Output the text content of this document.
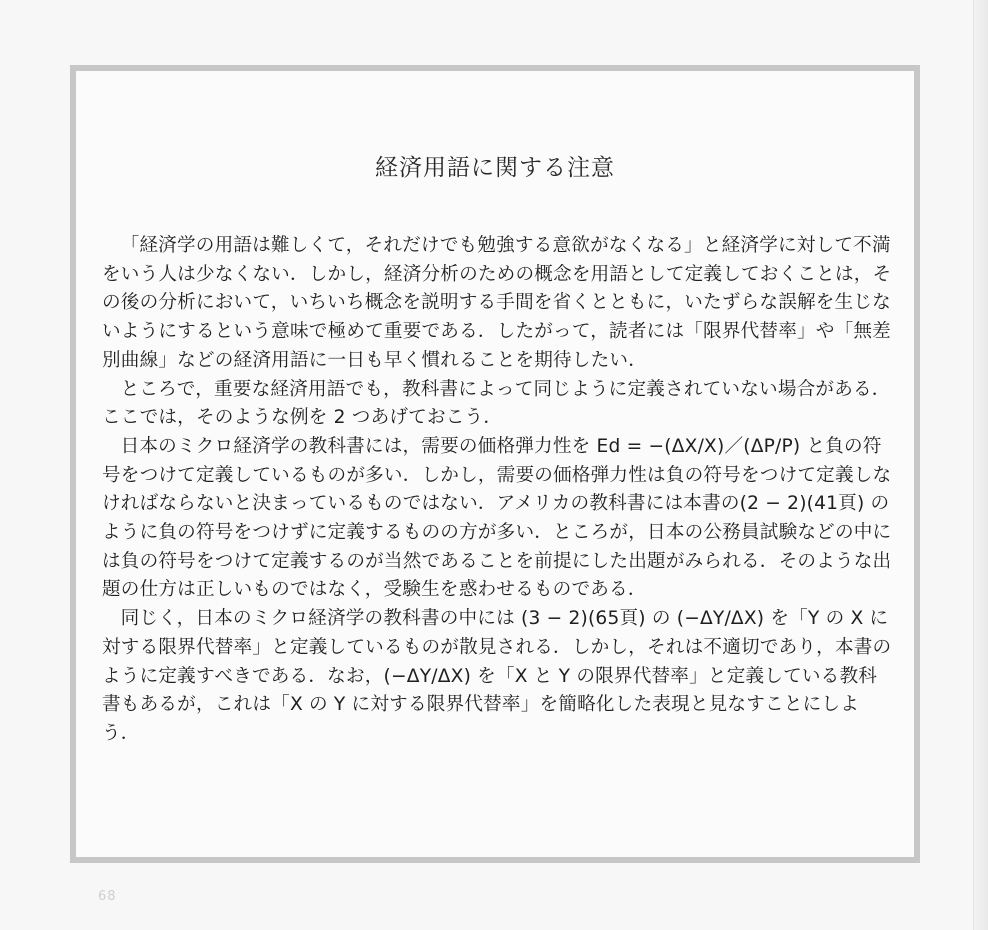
経済用語に関する注意

「経済学の用語は難しくて，それだけでも勉強する意欲がなくなる」と経済学に対して不満をいう人は少なくない．しかし，経済分析のための概念を用語として定義しておくことは，その後の分析において，いちいち概念を説明する手間を省くとともに，いたずらな誤解を生じないようにするという意味で極めて重要である．したがって，読者には「限界代替率」や「無差別曲線」などの経済用語に一日も早く慣れることを期待したい．

ところで，重要な経済用語でも，教科書によって同じように定義されていない場合がある．ここでは，そのような例を 2 つあげておこう．

日本のミクロ経済学の教科書には，需要の価格弾力性を Ed = −(ΔX/X)／(ΔP/P) と負の符号をつけて定義しているものが多い．しかし，需要の価格弾力性は負の符号をつけて定義しなければならないと決まっているものではない．アメリカの教科書には本書の(2 − 2)(41頁) のように負の符号をつけずに定義するものの方が多い．ところが，日本の公務員試験などの中には負の符号をつけて定義するのが当然であることを前提にした出題がみられる．そのような出題の仕方は正しいものではなく，受験生を惑わせるものである．

同じく，日本のミクロ経済学の教科書の中には (3 − 2)(65頁) の (−ΔY/ΔX) を「Y の X に対する限界代替率」と定義しているものが散見される．しかし，それは不適切であり，本書のように定義すべきである．なお，(−ΔY/ΔX) を「X と Y の限界代替率」と定義している教科書もあるが，これは「X の Y に対する限界代替率」を簡略化した表現と見なすことにしよう．

68
